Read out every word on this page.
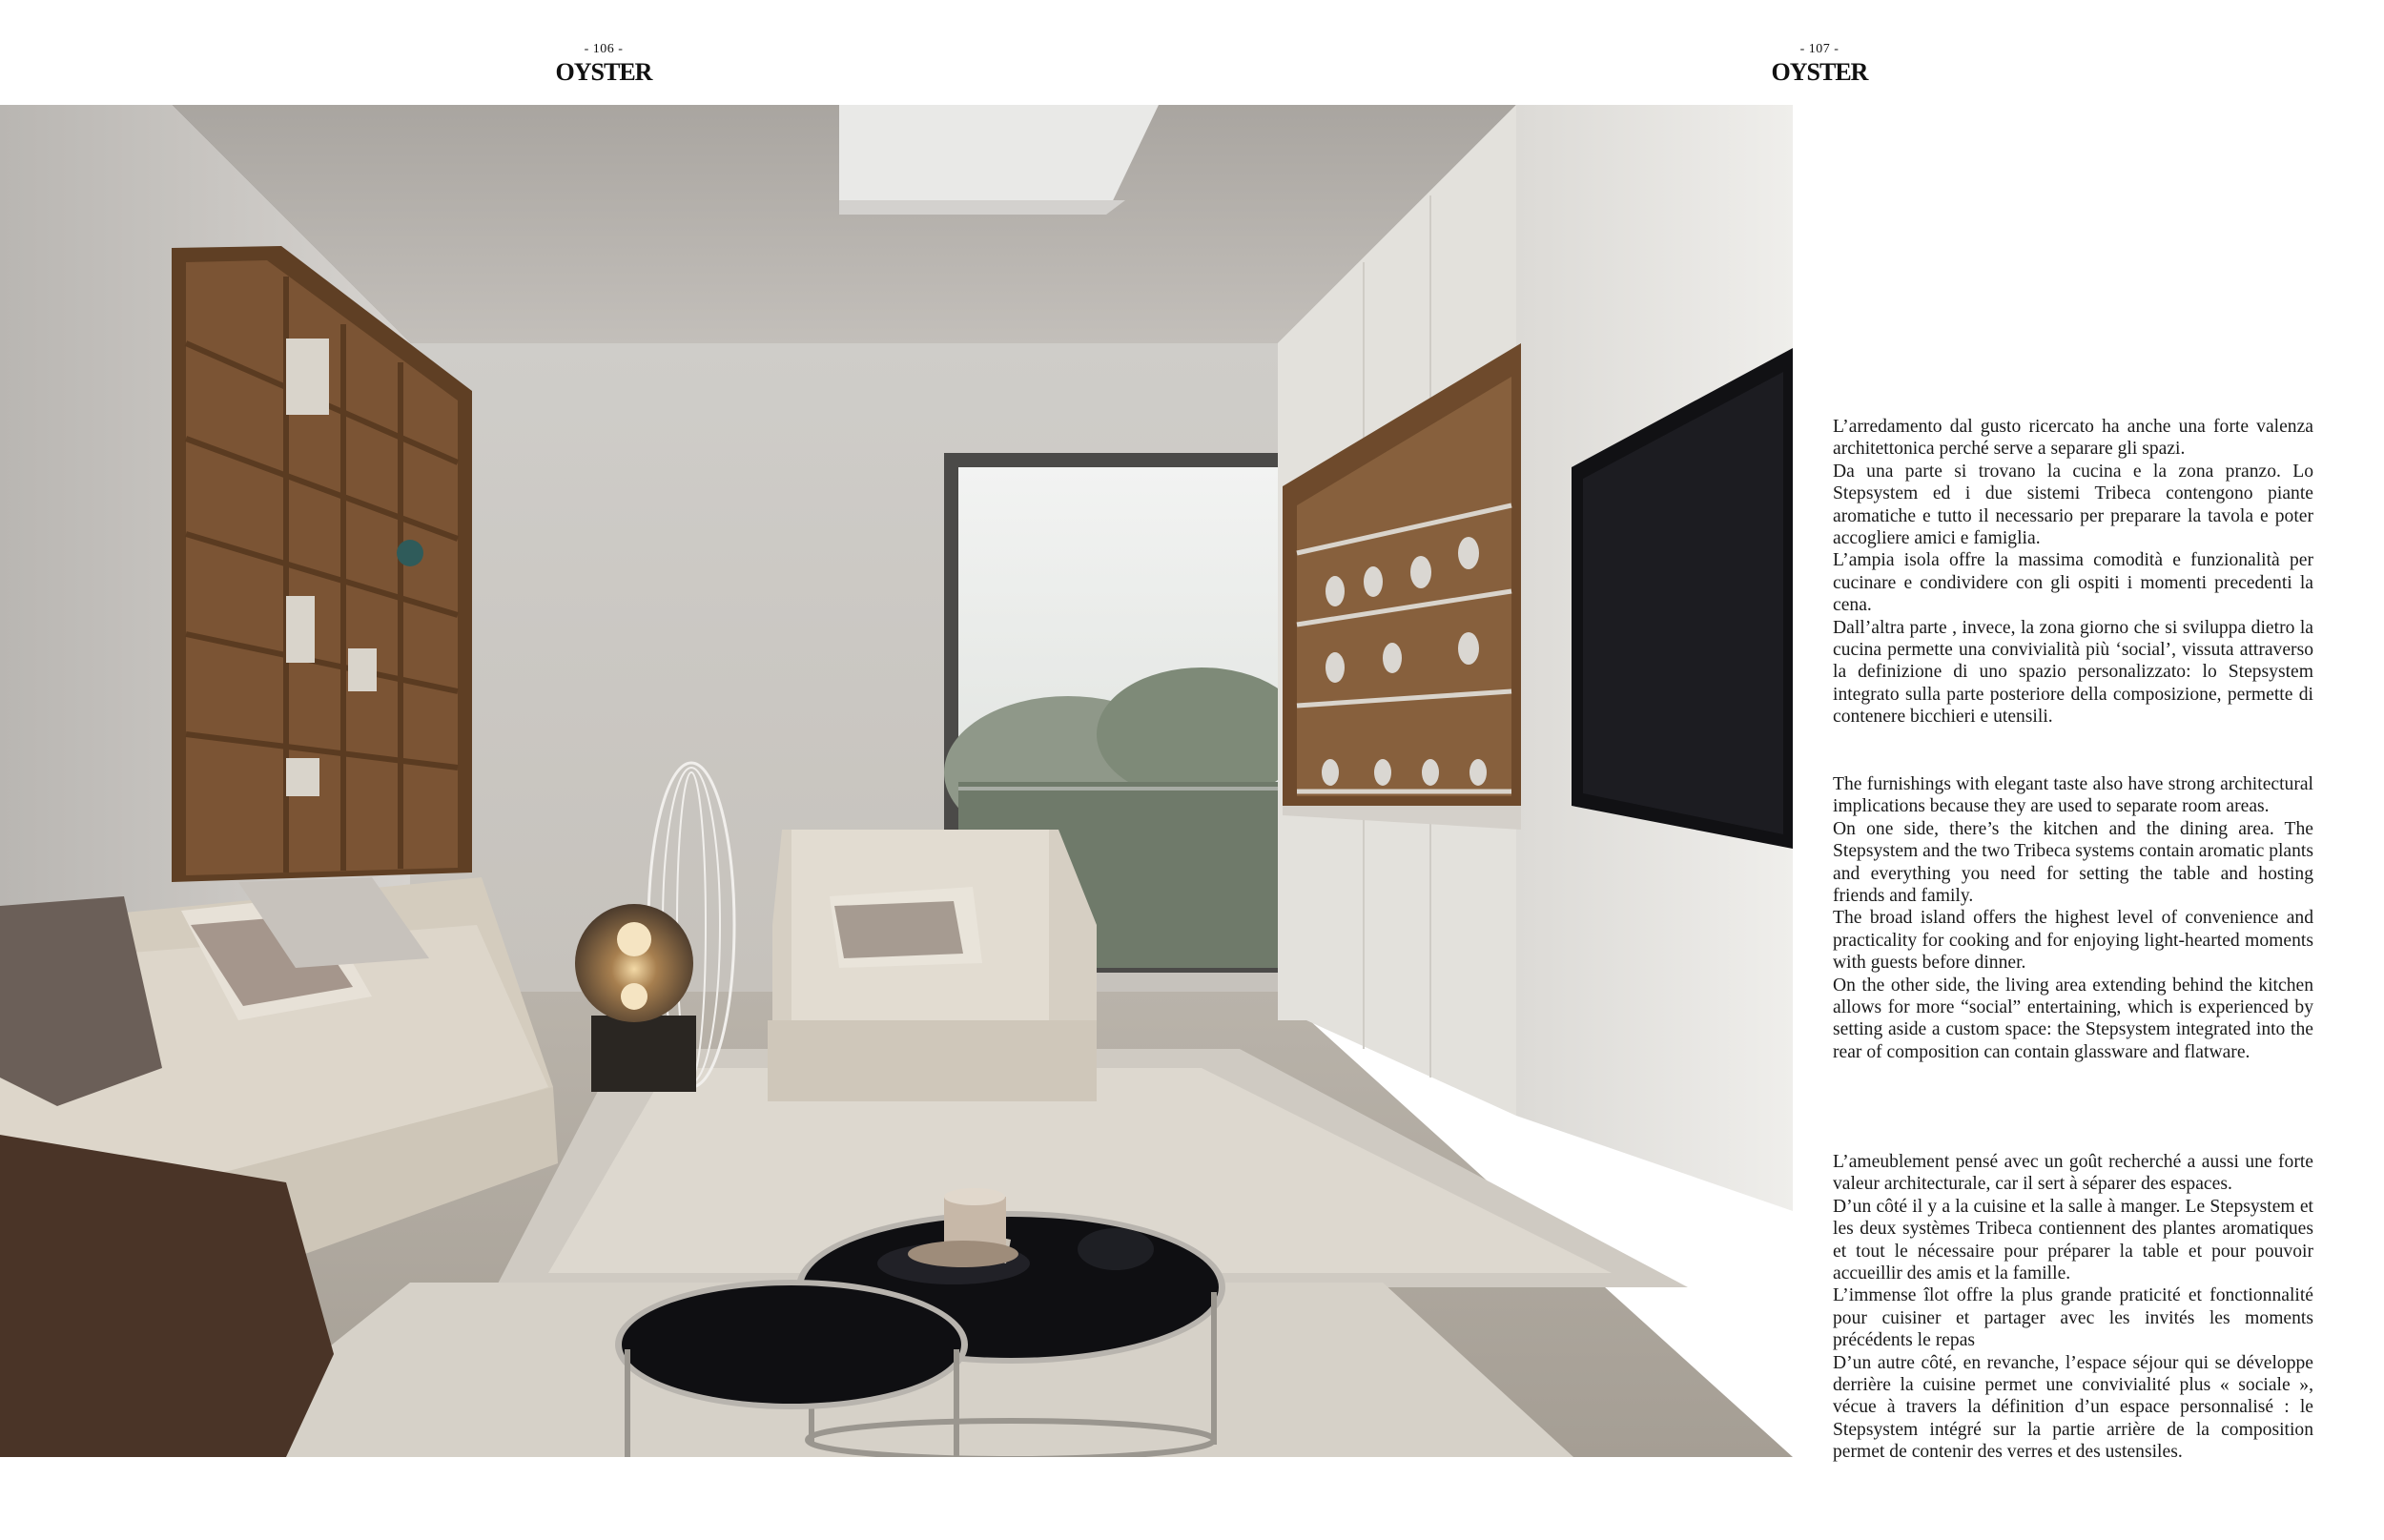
- 106 -
OYSTER
- 107 -
OYSTER

L’arredamento dal gusto ricercato ha anche una forte valenza architettonica perché serve a separare gli spazi.

Da una parte si trovano la cucina e la zona pranzo. Lo Stepsystem ed i due sistemi Tribeca contengono piante aromatiche e tutto il necessario per preparare la tavola e poter accogliere amici e famiglia.

L’ampia isola offre la massima comodità e funzionalità per cucinare e condividere con gli ospiti i momenti precedenti la cena.

Dall’altra parte , invece, la zona giorno che si sviluppa dietro la cucina permette una convivialità più ‘social’, vissuta attraverso la definizione di uno spazio personalizzato: lo Stepsystem integrato sulla parte posteriore della composizione, permette di contenere bicchieri e utensili.

The furnishings with elegant taste also have strong architectural implications because they are used to separate room areas.

On one side, there’s the kitchen and the dining area. The Stepsystem and the two Tribeca systems contain aromatic plants and everything you need for setting the table and hosting friends and family.

The broad island offers the highest level of convenience and practicality for cooking and for enjoying light-hearted moments with guests before dinner.

On the other side, the living area extending behind the kitchen allows for more “social” entertaining, which is experienced by setting aside a custom space: the Stepsystem integrated into the rear of composition can contain glassware and flatware.

L’ameublement pensé avec un goût recherché a aussi une forte valeur architecturale, car il sert à séparer des espaces.

D’un côté il y a la cuisine et la salle à manger. Le Stepsystem et les deux systèmes Tribeca contiennent des plantes aromatiques et tout le nécessaire pour préparer la table et pour pouvoir accueillir des amis et la famille.

L’immense îlot offre la plus grande praticité et fonctionnalité pour cuisiner et partager avec les invités les moments précédents le repas

D’un autre côté, en revanche, l’espace séjour qui se développe derrière la cuisine permet une convivialité plus « sociale », vécue à travers la définition d’un espace personnalisé : le Stepsystem intégré sur la partie arrière de la composition permet de contenir des verres et des ustensiles.
